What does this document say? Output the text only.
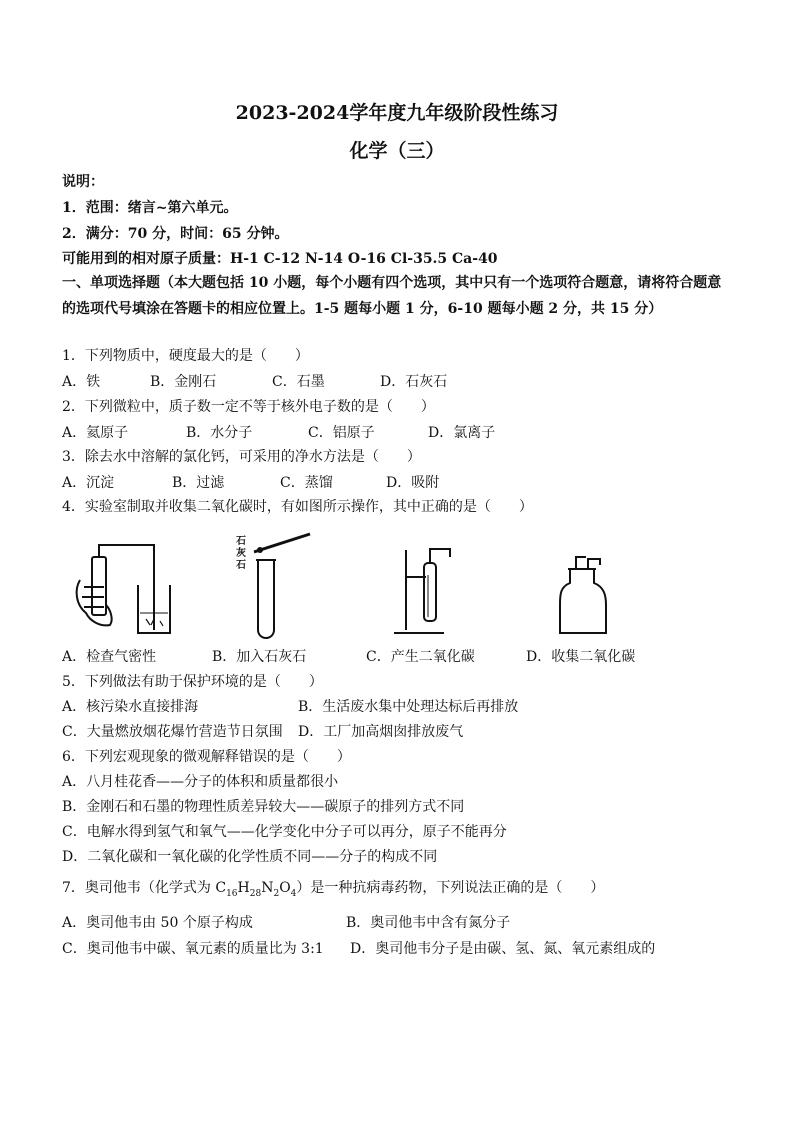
2023-2024学年度九年级阶段性练习
化学（三）
说明：
1．范围：绪言~第六单元。
2．满分：70 分，时间：65 分钟。
可能用到的相对原子质量：H-1 C-12 N-14 O-16 Cl-35.5 Ca-40
一、单项选择题（本大题包括 10 小题，每个小题有四个选项，其中只有一个选项符合题意，请将符合题意的选项代号填涂在答题卡的相应位置上。1-5 题每小题 1 分，6-10 题每小题 2 分，共 15 分）
1．下列物质中，硬度最大的是（　　）
A．铁	B．金刚石	C．石墨	D．石灰石
2．下列微粒中，质子数一定不等于核外电子数的是（　　）
A．氦原子	B．水分子	C．铝原子	D．氯离子
3．除去水中溶解的氯化钙，可采用的净水方法是（　　）
A．沉淀	B．过滤	C．蒸馏	D．吸附
4．实验室制取并收集二氧化碳时，有如图所示操作，其中正确的是（　　）
石
灰
石
A．检查气密性	B．加入石灰石	C．产生二氧化碳	D．收集二氧化碳
5．下列做法有助于保护环境的是（　　）
A．核污染水直接排海	B．生活废水集中处理达标后再排放
C．大量燃放烟花爆竹营造节日氛围 D．工厂加高烟囱排放废气
6．下列宏观现象的微观解释错误的是（　　）
A．八月桂花香——分子的体积和质量都很小
B．金刚石和石墨的物理性质差异较大——碳原子的排列方式不同
C．电解水得到氢气和氧气——化学变化中分子可以再分，原子不能再分
D．二氧化碳和一氧化碳的化学性质不同——分子的构成不同
7．奥司他韦（化学式为 $C_{16}H_{28}N_2O_4$）是一种抗病毒药物，下列说法正确的是（　　）
A．奥司他韦由 50 个原子构成	B．奥司他韦中含有氮分子
C．奥司他韦中碳、氧元素的质量比为 3:1 D．奥司他韦分子是由碳、氢、氮、氧元素组成的
